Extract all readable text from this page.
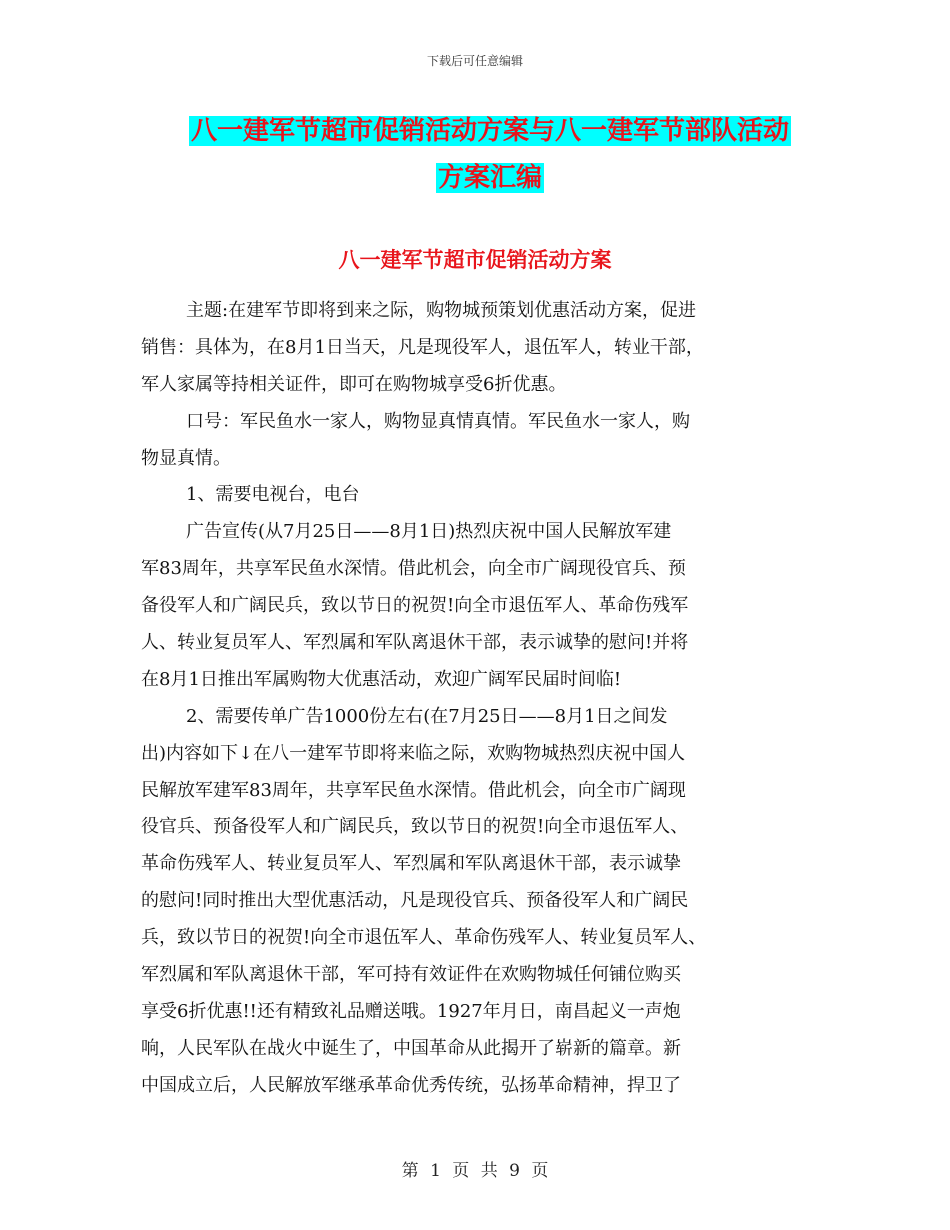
下载后可任意编辑
八一建军节超市促销活动方案与八一建军节部队活动
方案汇编
八一建军节超市促销活动方案
主题:在建军节即将到来之际，购物城预策划优惠活动方案，促进
销售：具体为，在8月1日当天，凡是现役军人，退伍军人，转业干部，
军人家属等持相关证件，即可在购物城享受6折优惠。
口号：军民鱼水一家人，购物显真情真情。军民鱼水一家人，购
物显真情。
1、需要电视台，电台
广告宣传(从7月25日——8月1日)热烈庆祝中国人民解放军建
军83周年，共享军民鱼水深情。借此机会，向全市广阔现役官兵、预
备役军人和广阔民兵，致以节日的祝贺!向全市退伍军人、革命伤残军
人、转业复员军人、军烈属和军队离退休干部，表示诚挚的慰问!并将
在8月1日推出军属购物大优惠活动，欢迎广阔军民届时间临!
2、需要传单广告1000份左右(在7月25日——8月1日之间发
出)内容如下↓在八一建军节即将来临之际，欢购物城热烈庆祝中国人
民解放军建军83周年，共享军民鱼水深情。借此机会，向全市广阔现
役官兵、预备役军人和广阔民兵，致以节日的祝贺!向全市退伍军人、
革命伤残军人、转业复员军人、军烈属和军队离退休干部，表示诚挚
的慰问!同时推出大型优惠活动，凡是现役官兵、预备役军人和广阔民
兵，致以节日的祝贺!向全市退伍军人、革命伤残军人、转业复员军人、
军烈属和军队离退休干部，军可持有效证件在欢购物城任何铺位购买
享受6折优惠!!还有精致礼品赠送哦。1927年月日，南昌起义一声炮
响，人民军队在战火中诞生了，中国革命从此揭开了崭新的篇章。新
中国成立后，人民解放军继承革命优秀传统，弘扬革命精神，捍卫了
第 1 页 共 9 页
